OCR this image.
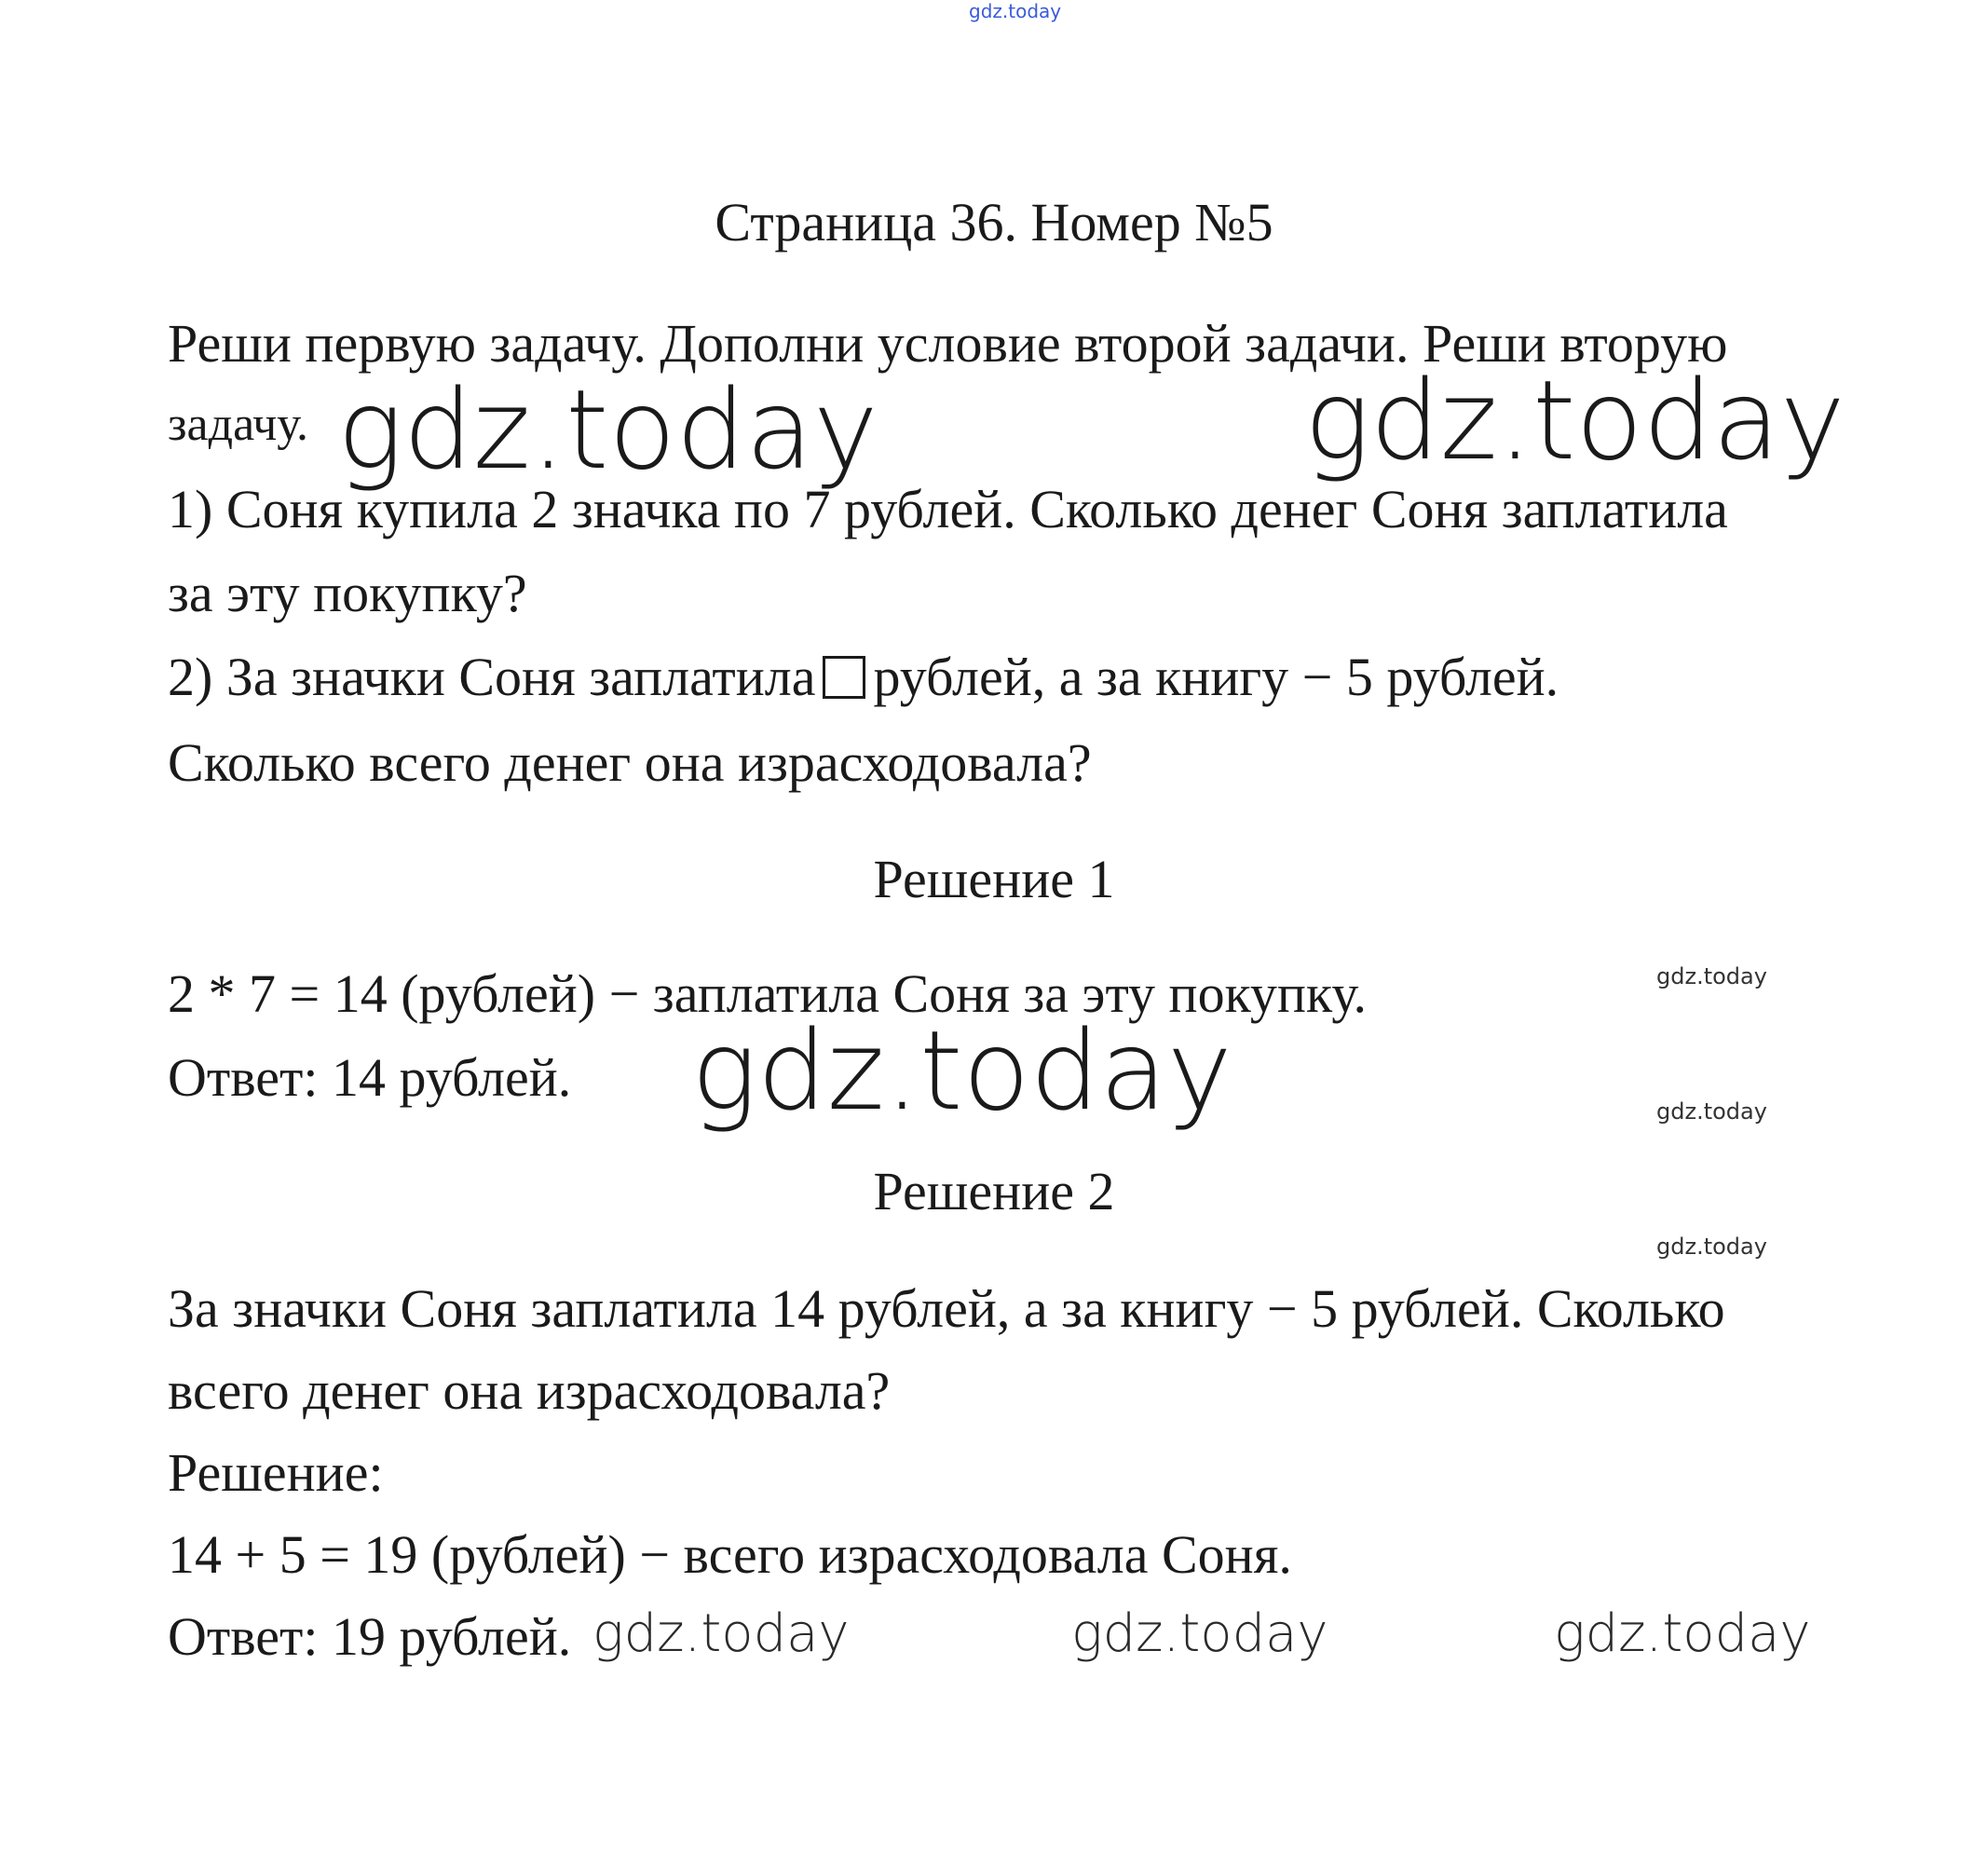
gdz.today
Страница 36. Номер №5
Реши первую задачу. Дополни условие второй задачи. Реши вторую
задачу. gdz.today	gdz.today
1) Соня купила 2 значка по 7 рублей. Сколько денег Соня заплатила
за эту покупку?
2) За значки Соня заплатила рублей, а за книгу − 5 рублей.
Сколько всего денег она израсходовала?
Решение 1
2 * 7 = 14 (рублей) − заплатила Соня за эту покупку.	gdz.today
Ответ: 14 рублей. gdz.today	gdz.today
Решение 2
gdz.today
За значки Соня заплатила 14 рублей, а за книгу − 5 рублей. Сколько
всего денег она израсходовала?
Решение:
14 + 5 = 19 (рублей) − всего израсходовала Соня.
Ответ: 19 рублей. gdz.today	gdz.today	gdz.today
